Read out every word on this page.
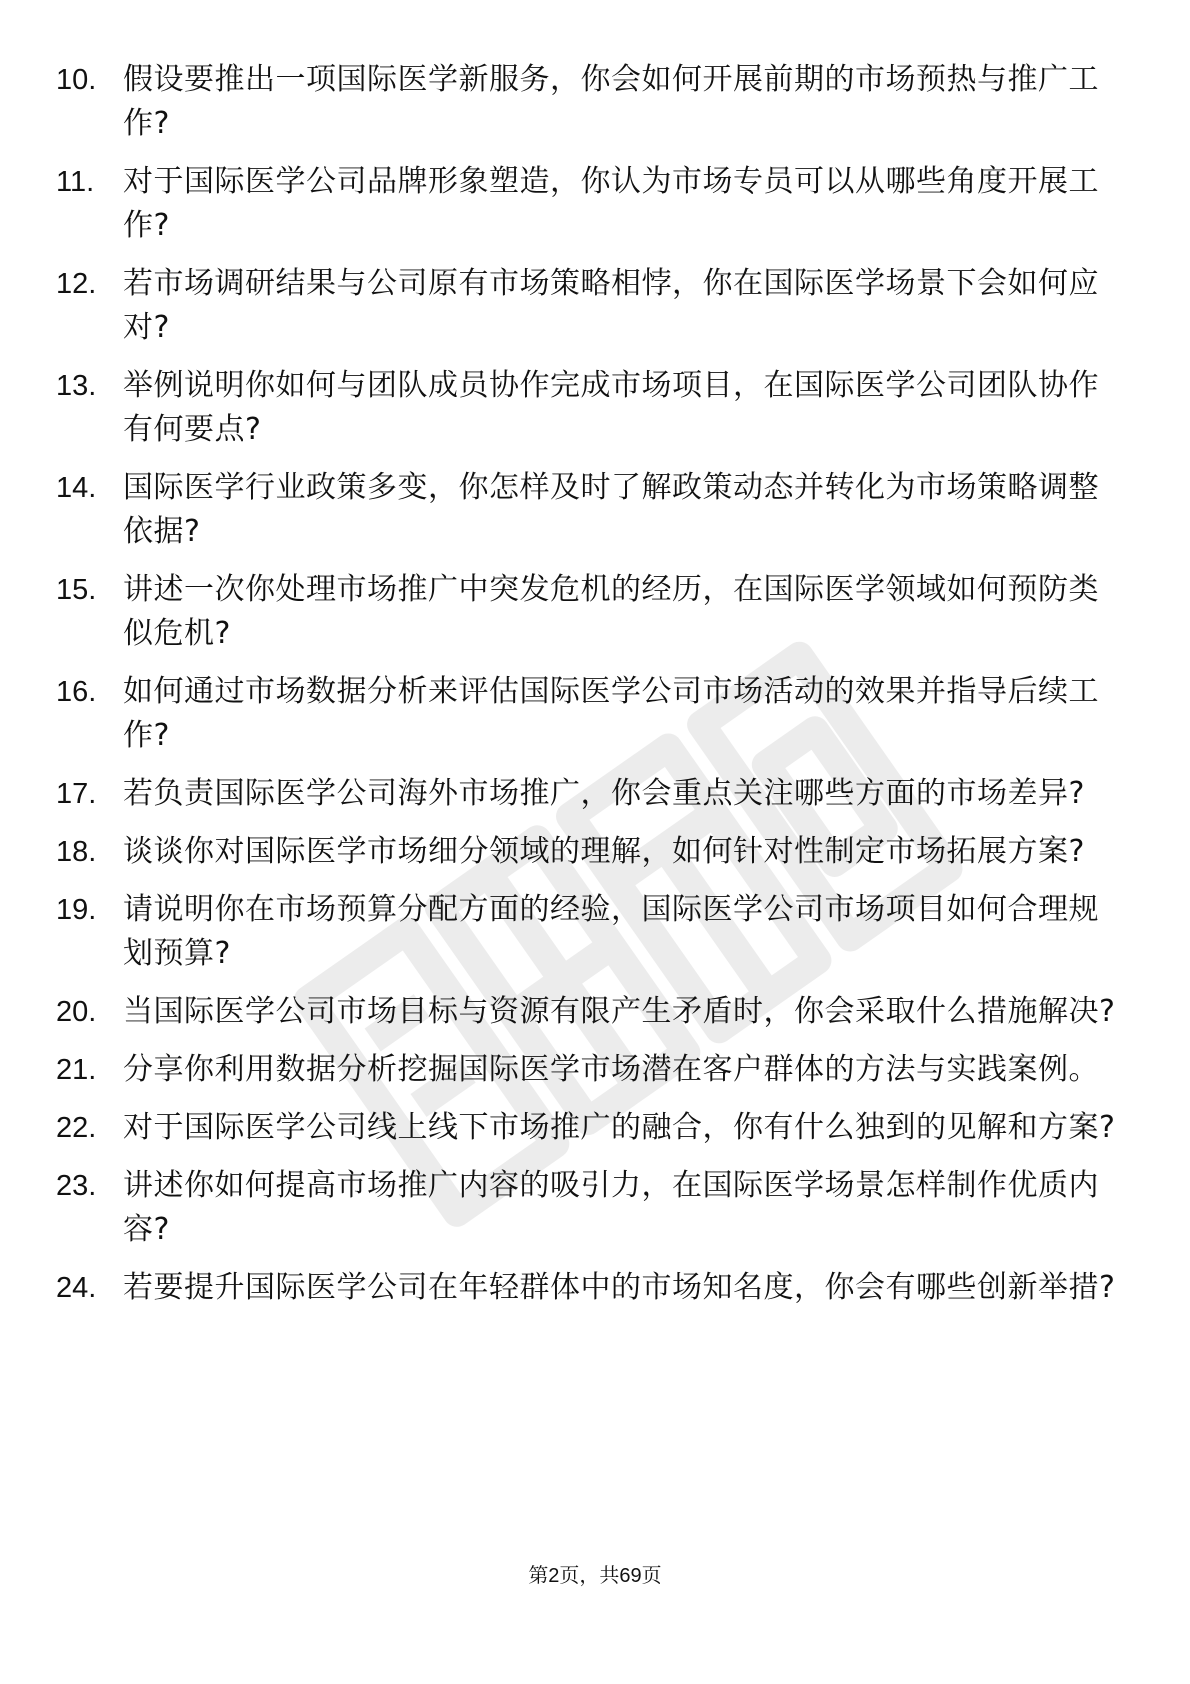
10. 假设要推出一项国际医学新服务，你会如何开展前期的市场预热与推广工作?
11. 对于国际医学公司品牌形象塑造，你认为市场专员可以从哪些角度开展工作?
12. 若市场调研结果与公司原有市场策略相悖，你在国际医学场景下会如何应对?
13. 举例说明你如何与团队成员协作完成市场项目，在国际医学公司团队协作有何要点?
14. 国际医学行业政策多变，你怎样及时了解政策动态并转化为市场策略调整依据?
15. 讲述一次你处理市场推广中突发危机的经历，在国际医学领域如何预防类似危机?
16. 如何通过市场数据分析来评估国际医学公司市场活动的效果并指导后续工作?
17. 若负责国际医学公司海外市场推广，你会重点关注哪些方面的市场差异?
18. 谈谈你对国际医学市场细分领域的理解，如何针对性制定市场拓展方案?
19. 请说明你在市场预算分配方面的经验，国际医学公司市场项目如何合理规划预算?
20. 当国际医学公司市场目标与资源有限产生矛盾时，你会采取什么措施解决?
21. 分享你利用数据分析挖掘国际医学市场潜在客户群体的方法与实践案例。
22. 对于国际医学公司线上线下市场推广的融合，你有什么独到的见解和方案?
23. 讲述你如何提高市场推广内容的吸引力，在国际医学场景怎样制作优质内容?
24. 若要提升国际医学公司在年轻群体中的市场知名度，你会有哪些创新举措?
第2页，共69页
